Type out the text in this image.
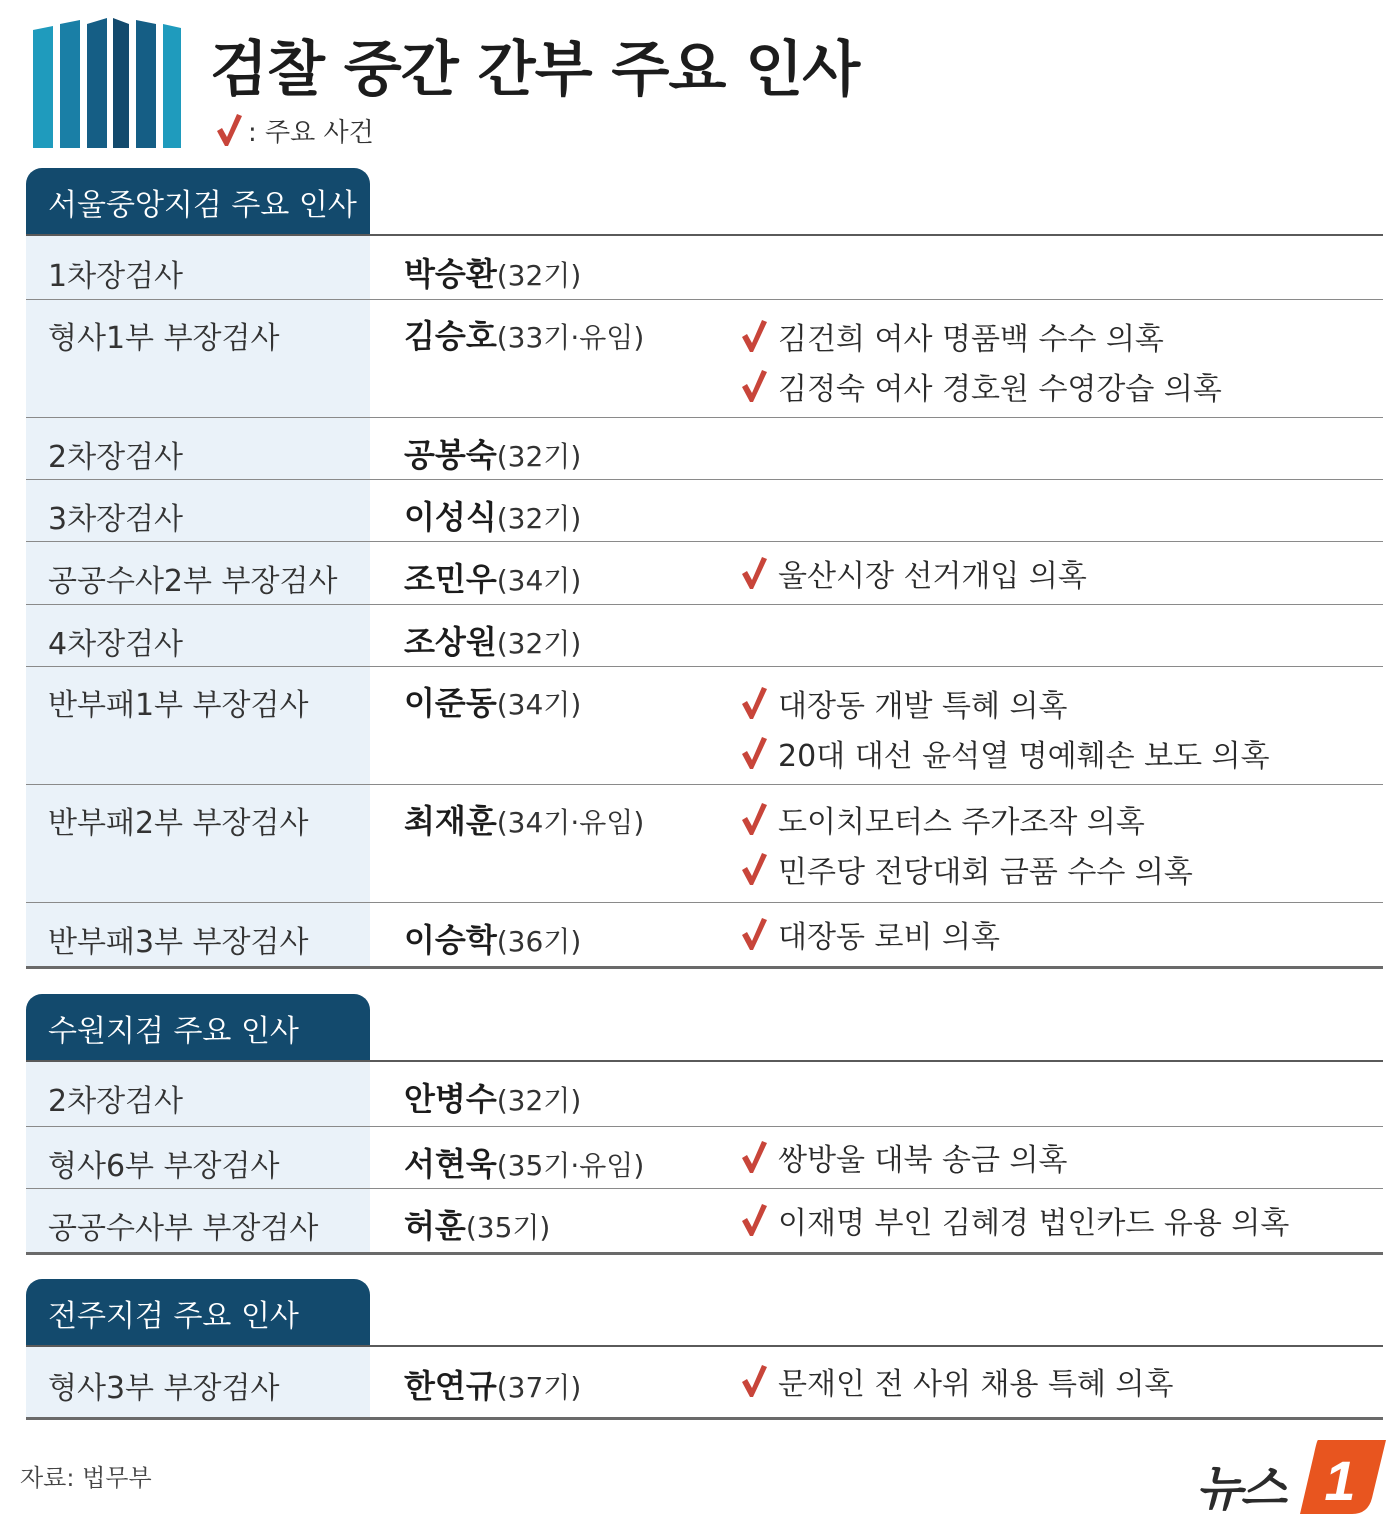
검찰 중간 간부 주요 인사
: 주요 사건
서울중앙지검 주요 인사
1차장검사	박승환(32기)
형사1부 부장검사	김승호(33기·유임)	김건희 여사 명품백 수수 의혹
김정숙 여사 경호원 수영강습 의혹
2차장검사	공봉숙(32기)
3차장검사	이성식(32기)
공공수사2부 부장검사	조민우(34기)	울산시장 선거개입 의혹
4차장검사	조상원(32기)
반부패1부 부장검사	이준동(34기)	대장동 개발 특혜 의혹
20대 대선 윤석열 명예훼손 보도 의혹
반부패2부 부장검사	최재훈(34기·유임)	도이치모터스 주가조작 의혹
민주당 전당대회 금품 수수 의혹
반부패3부 부장검사	이승학(36기)	대장동 로비 의혹
수원지검 주요 인사
2차장검사	안병수(32기)
형사6부 부장검사	서현욱(35기·유임)	쌍방울 대북 송금 의혹
공공수사부 부장검사	허훈(35기)	이재명 부인 김혜경 법인카드 유용 의혹
전주지검 주요 인사
형사3부 부장검사	한연규(37기)	문재인 전 사위 채용 특혜 의혹
자료: 법무부	뉴스 1
